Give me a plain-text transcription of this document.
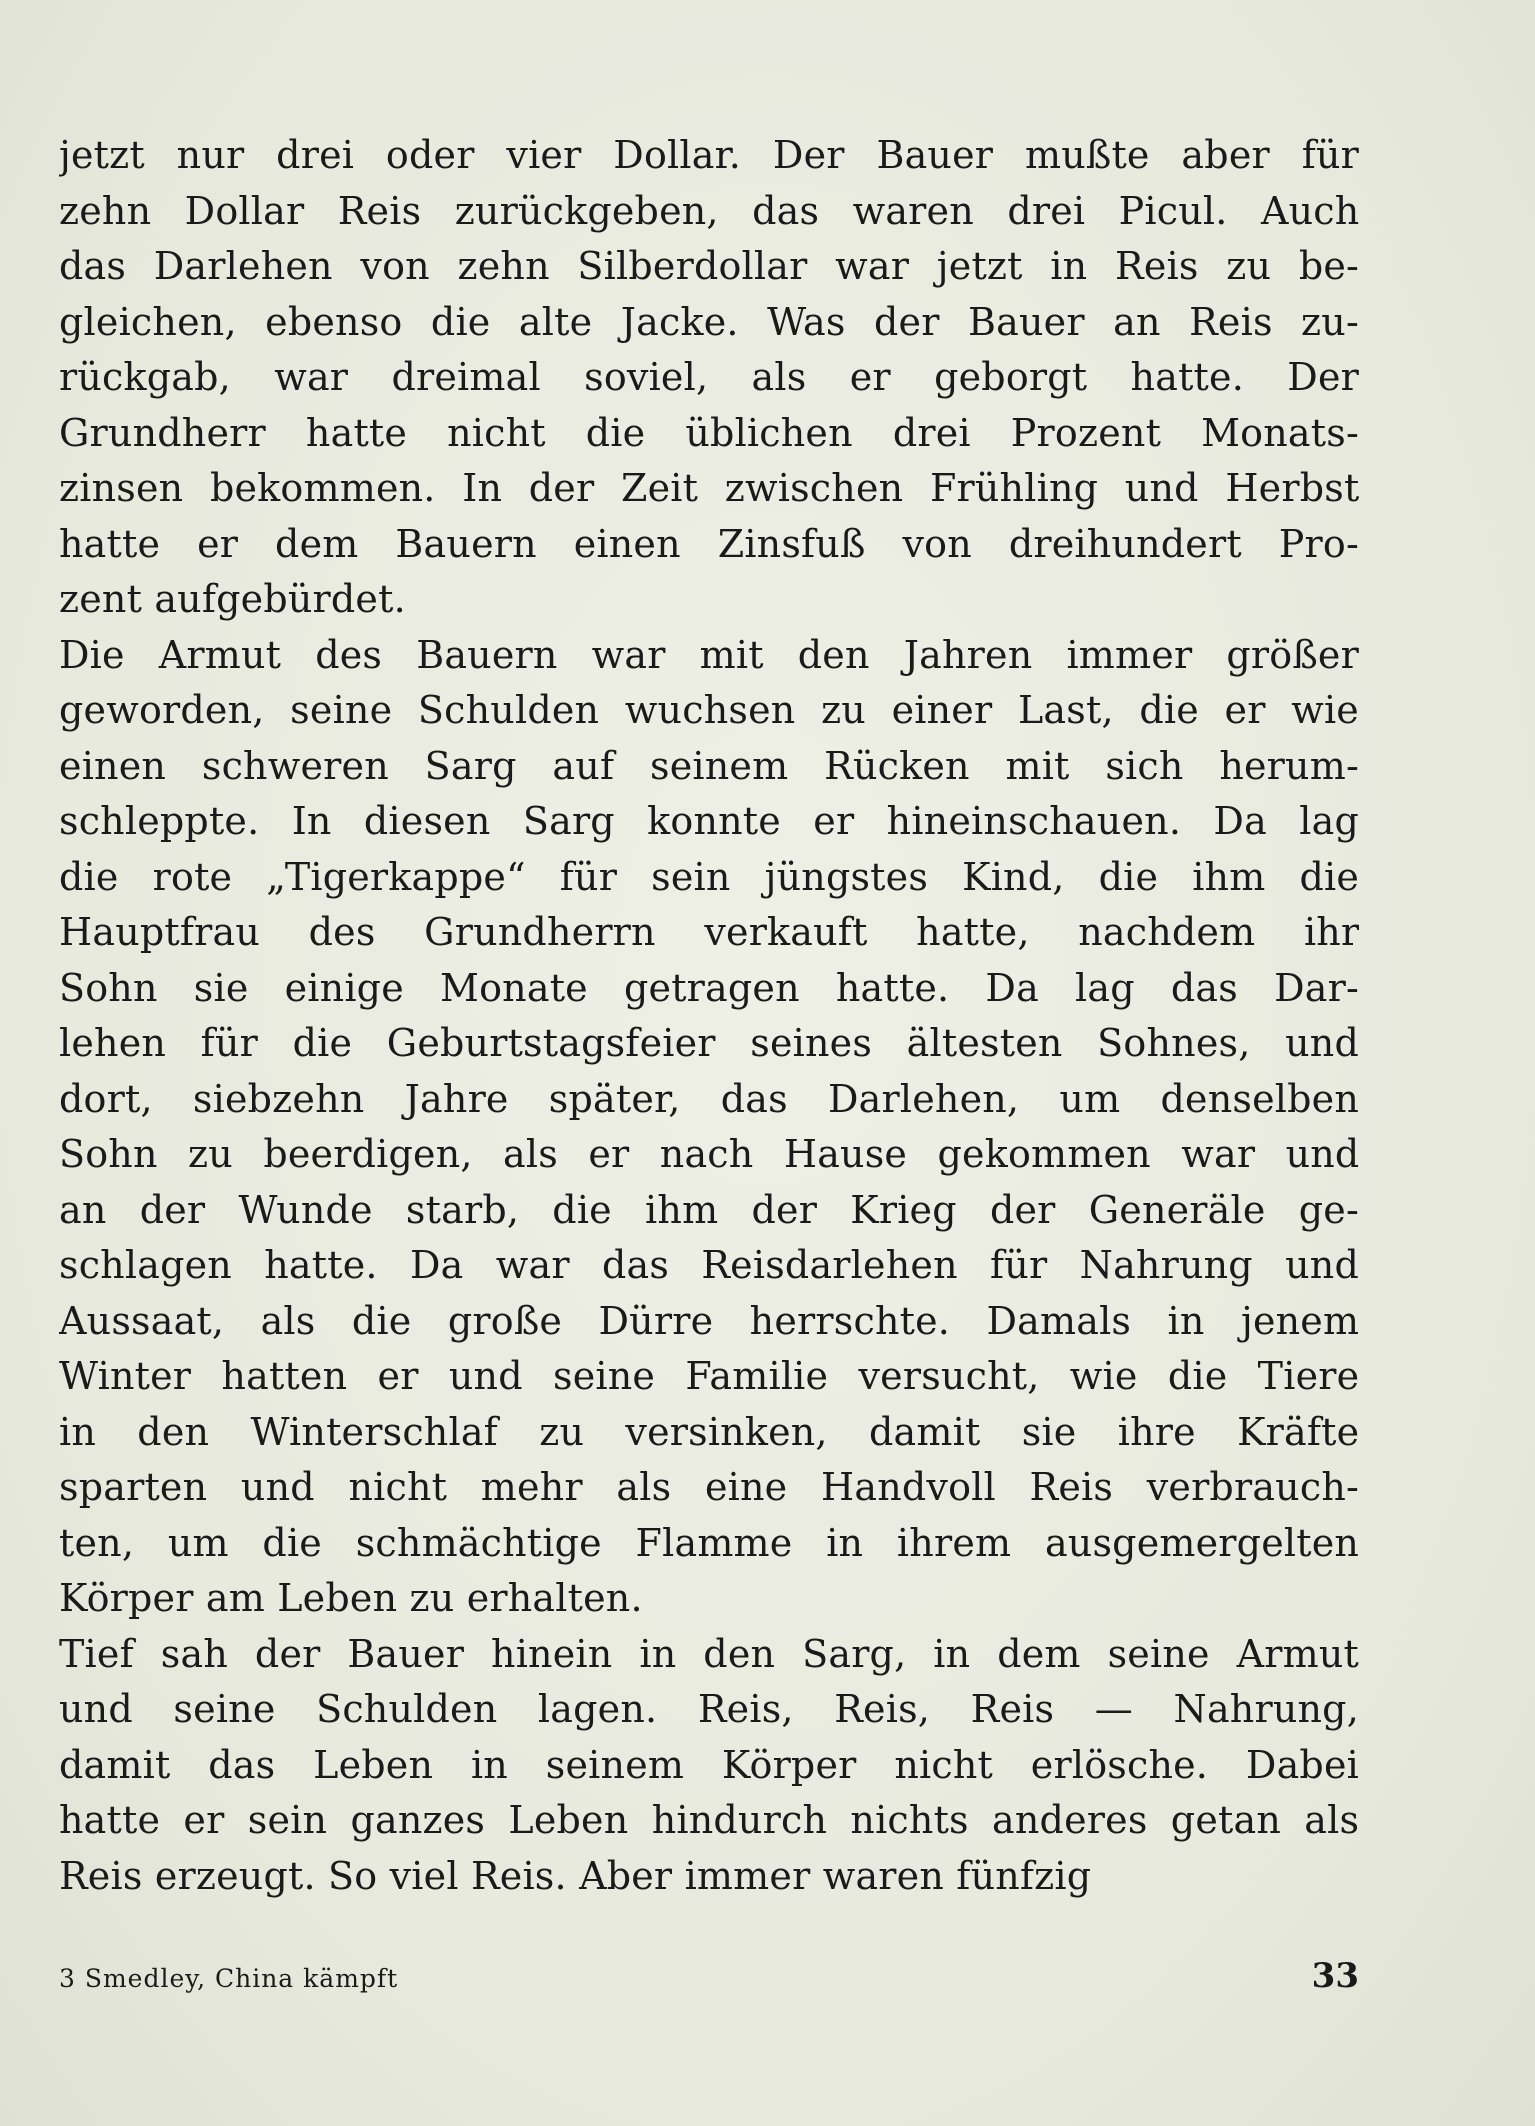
jetzt nur drei oder vier Dollar. Der Bauer mußte aber für
zehn Dollar Reis zurückgeben, das waren drei Picul. Auch
das Darlehen von zehn Silberdollar war jetzt in Reis zu be-
gleichen, ebenso die alte Jacke. Was der Bauer an Reis zu-
rückgab, war dreimal soviel, als er geborgt hatte. Der
Grundherr hatte nicht die üblichen drei Prozent Monats-
zinsen bekommen. In der Zeit zwischen Frühling und Herbst
hatte er dem Bauern einen Zinsfuß von dreihundert Pro-
zent aufgebürdet.
Die Armut des Bauern war mit den Jahren immer größer
geworden, seine Schulden wuchsen zu einer Last, die er wie
einen schweren Sarg auf seinem Rücken mit sich herum-
schleppte. In diesen Sarg konnte er hineinschauen. Da lag
die rote „Tigerkappe“ für sein jüngstes Kind, die ihm die
Hauptfrau des Grundherrn verkauft hatte, nachdem ihr
Sohn sie einige Monate getragen hatte. Da lag das Dar-
lehen für die Geburtstagsfeier seines ältesten Sohnes, und
dort, siebzehn Jahre später, das Darlehen, um denselben
Sohn zu beerdigen, als er nach Hause gekommen war und
an der Wunde starb, die ihm der Krieg der Generäle ge-
schlagen hatte. Da war das Reisdarlehen für Nahrung und
Aussaat, als die große Dürre herrschte. Damals in jenem
Winter hatten er und seine Familie versucht, wie die Tiere
in den Winterschlaf zu versinken, damit sie ihre Kräfte
sparten und nicht mehr als eine Handvoll Reis verbrauch-
ten, um die schmächtige Flamme in ihrem ausgemergelten
Körper am Leben zu erhalten.
Tief sah der Bauer hinein in den Sarg, in dem seine Armut
und seine Schulden lagen. Reis, Reis, Reis — Nahrung,
damit das Leben in seinem Körper nicht erlösche. Dabei
hatte er sein ganzes Leben hindurch nichts anderes getan als
Reis erzeugt. So viel Reis. Aber immer waren fünfzig
3 Smedley, China kämpft	33
